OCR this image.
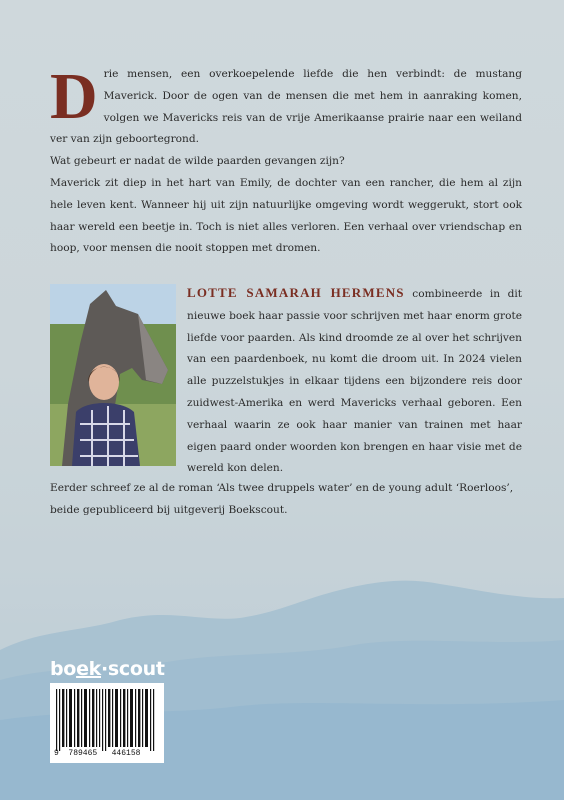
Drie mensen, een overkoepelende liefde die hen verbindt: de mustang Maverick. Door de ogen van de mensen die met hem in aanraking komen, volgen we Mavericks reis van de vrije Amerikaanse prairie naar een weiland ver van zijn geboortegrond.

Wat gebeurt er nadat de wilde paarden gevangen zijn?

Maverick zit diep in het hart van Emily, de dochter van een rancher, die hem al zijn hele leven kent. Wanneer hij uit zijn natuurlijke omgeving wordt weggerukt, stort ook haar wereld een beetje in. Toch is niet alles verloren. Een verhaal over vriendschap en hoop, voor mensen die nooit stoppen met dromen.

LOTTE SAMARAH HERMENS combineerde in dit nieuwe boek haar passie voor schrijven met haar enorm grote liefde voor paarden. Als kind droomde ze al over het schrijven van een paardenboek, nu komt die droom uit. In 2024 vielen alle puzzelstukjes in elkaar tijdens een bijzondere reis door zuidwest-Amerika en werd Mavericks verhaal geboren. Een verhaal waarin ze ook haar manier van trainen met haar eigen paard onder woorden kon brengen en haar visie met de wereld kon delen.

Eerder schreef ze al de roman ‘Als twee druppels water’ en de young adult ‘Roerloos’, beide gepubliceerd bij uitgeverij Boekscout.

boek·scout
9  789465   446158
